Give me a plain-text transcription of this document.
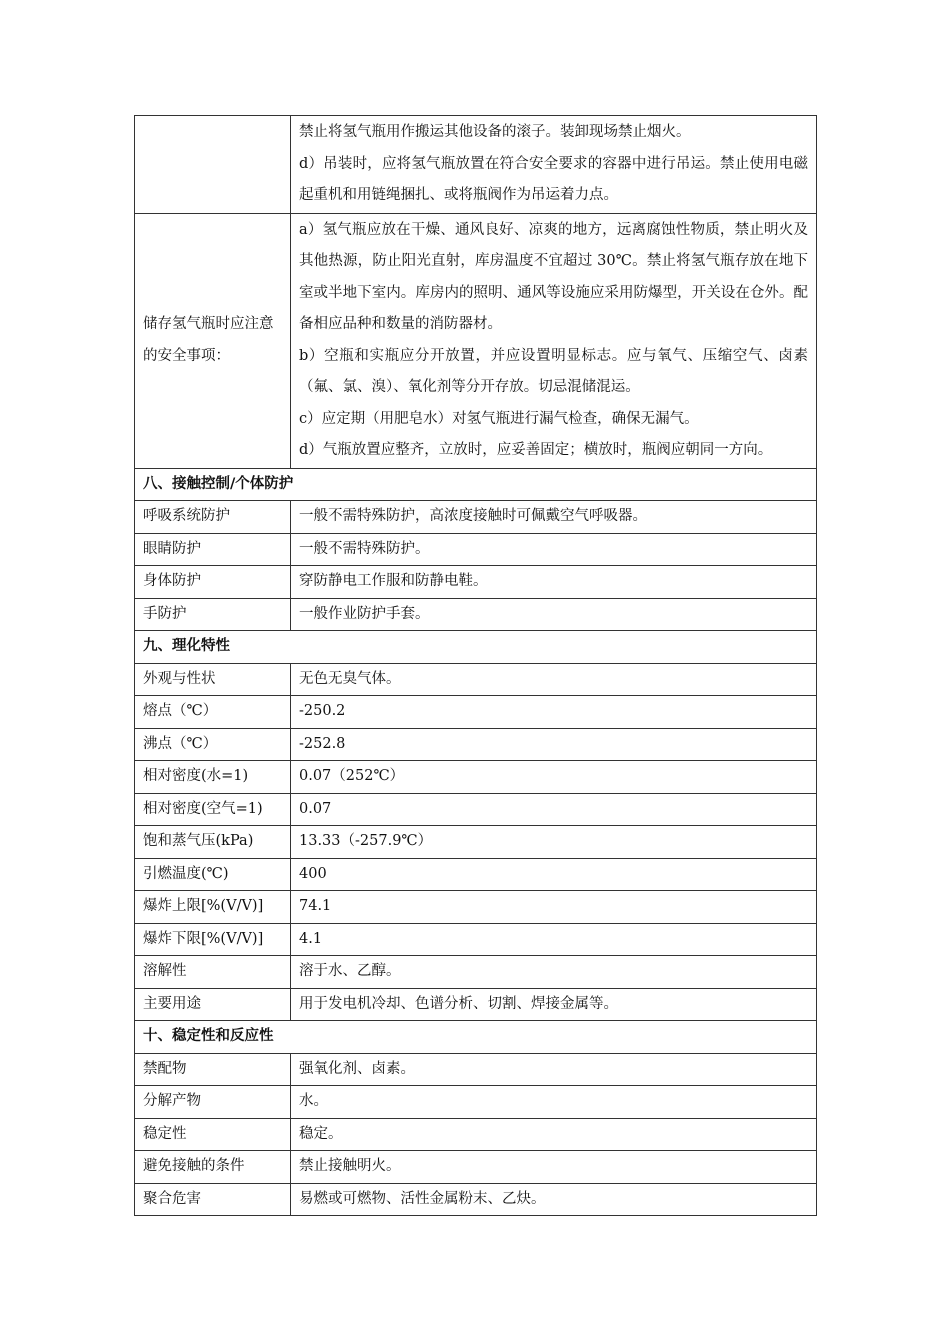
	禁止将氢气瓶用作搬运其他设备的滚子。装卸现场禁止烟火。
d）吊装时，应将氢气瓶放置在符合安全要求的容器中进行吊运。禁止使用电磁起重机和用链绳捆扎、或将瓶阀作为吊运着力点。

储存氢气瓶时应注意的安全事项：	a）氢气瓶应放在干燥、通风良好、凉爽的地方，远离腐蚀性物质，禁止明火及其他热源，防止阳光直射，库房温度不宜超过 30℃。禁止将氢气瓶存放在地下室或半地下室内。库房内的照明、通风等设施应采用防爆型，开关设在仓外。配备相应品种和数量的消防器材。
b）空瓶和实瓶应分开放置，并应设置明显标志。应与氧气、压缩空气、卤素（氟、氯、溴）、氧化剂等分开存放。切忌混储混运。
c）应定期（用肥皂水）对氢气瓶进行漏气检查，确保无漏气。
d）气瓶放置应整齐，立放时，应妥善固定；横放时，瓶阀应朝同一方向。

八、接触控制/个体防护	
呼吸系统防护	一般不需特殊防护，高浓度接触时可佩戴空气呼吸器。
眼睛防护	一般不需特殊防护。
身体防护	穿防静电工作服和防静电鞋。
手防护	一般作业防护手套。
九、理化特性	
外观与性状	无色无臭气体。
熔点（℃）	-250.2
沸点（℃）	-252.8
相对密度(水=1)	0.07（252℃）
相对密度(空气=1)	0.07
饱和蒸气压(kPa)	13.33（-257.9℃）
引燃温度(℃)	400
爆炸上限[%(V/V)]	74.1
爆炸下限[%(V/V)]	4.1
溶解性	溶于水、乙醇。
主要用途	用于发电机冷却、色谱分析、切割、焊接金属等。
十、稳定性和反应性	
禁配物	强氧化剂、卤素。
分解产物	水。
稳定性	稳定。
避免接触的条件	禁止接触明火。
聚合危害	易燃或可燃物、活性金属粉末、乙炔。
